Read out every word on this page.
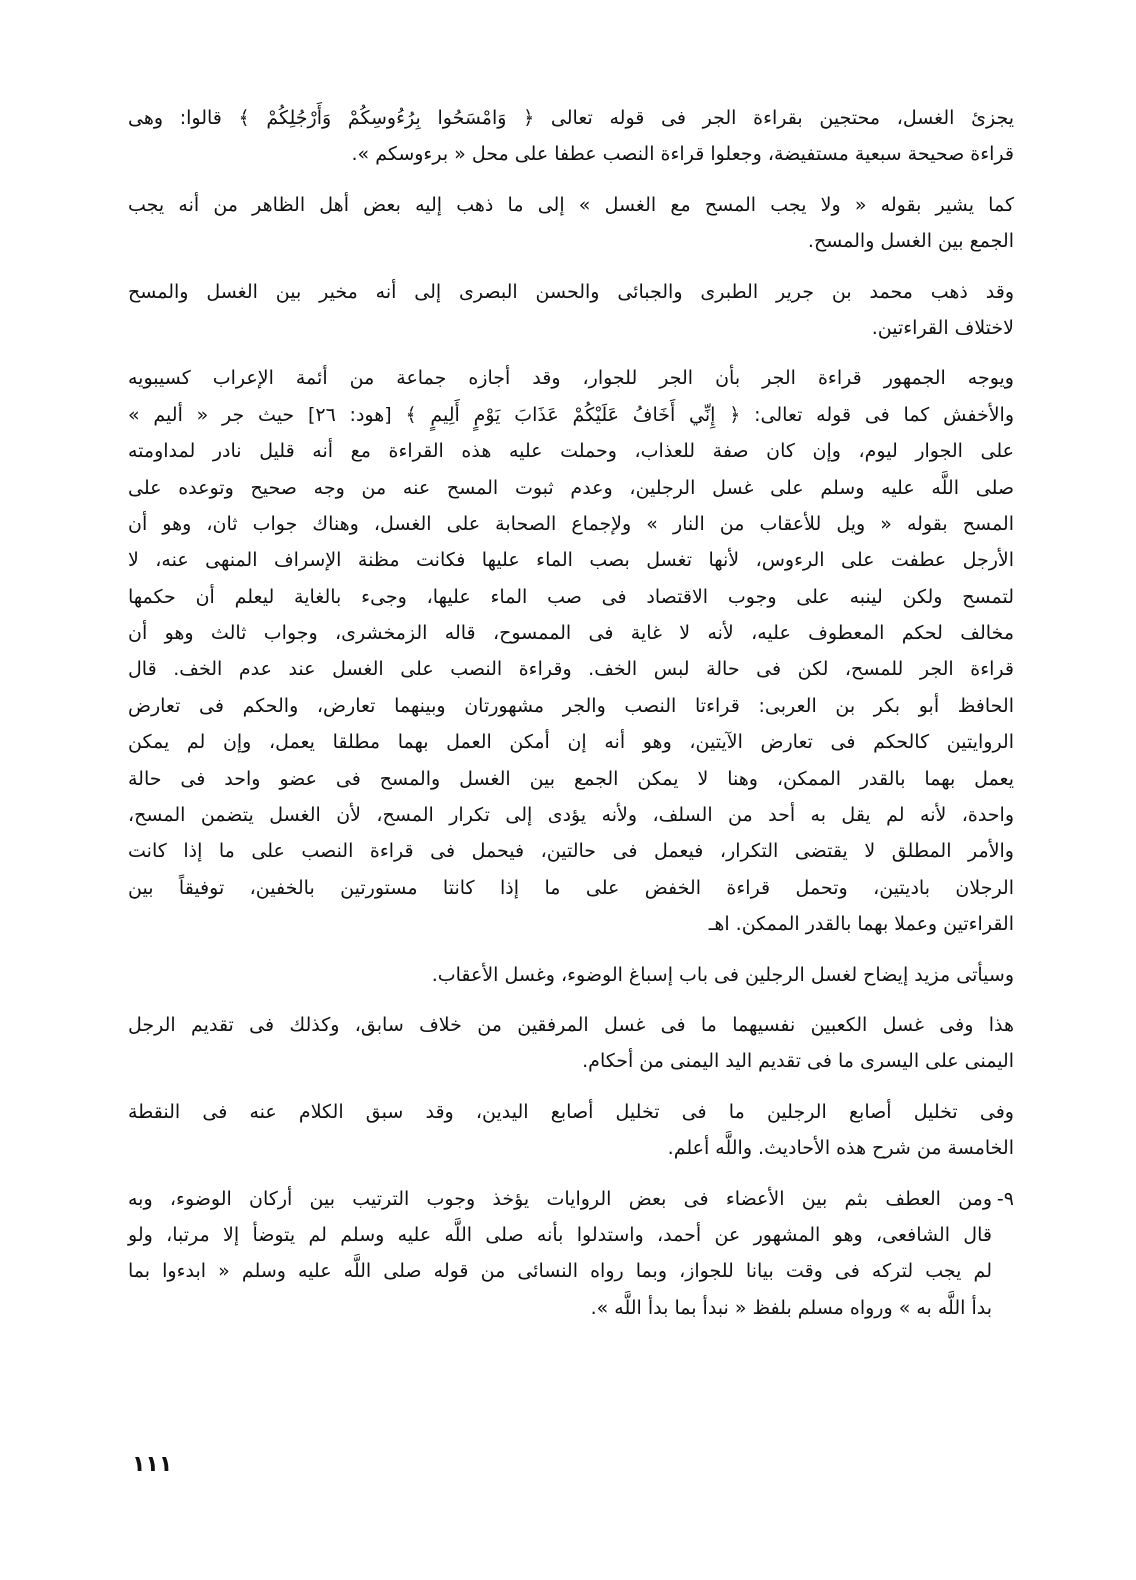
يجزئ الغسل، محتجين بقراءة الجر فى قوله تعالى ﴿ وَامْسَحُوا بِرُءُوسِكُمْ وَأَرْجُلِكُمْ ﴾ قالوا: وهى
قراءة صحيحة سبعية مستفيضة، وجعلوا قراءة النصب عطفا على محل « برءوسكم ».
كما يشير بقوله « ولا يجب المسح مع الغسل » إلى ما ذهب إليه بعض أهل الظاهر من أنه يجب
الجمع بين الغسل والمسح.
وقد ذهب محمد بن جرير الطبرى والجبائى والحسن البصرى إلى أنه مخير بين الغسل والمسح
لاختلاف القراءتين.
ويوجه الجمهور قراءة الجر بأن الجر للجوار، وقد أجازه جماعة من أئمة الإعراب كسيبويه
والأخفش كما فى قوله تعالى: ﴿ إِنِّي أَخَافُ عَلَيْكُمْ عَذَابَ يَوْمٍ أَلِيمٍ ﴾ [هود: ٢٦] حيث جر « أليم »
على الجوار ليوم، وإن كان صفة للعذاب، وحملت عليه هذه القراءة مع أنه قليل نادر لمداومته
صلى اللَّه عليه وسلم على غسل الرجلين، وعدم ثبوت المسح عنه من وجه صحيح وتوعده على
المسح بقوله « ويل للأعقاب من النار » ولإجماع الصحابة على الغسل، وهناك جواب ثان، وهو أن
الأرجل عطفت على الرءوس، لأنها تغسل بصب الماء عليها فكانت مظنة الإسراف المنهى عنه، لا
لتمسح ولكن لينبه على وجوب الاقتصاد فى صب الماء عليها، وجىء بالغاية ليعلم أن حكمها
مخالف لحكم المعطوف عليه، لأنه لا غاية فى الممسوح، قاله الزمخشرى، وجواب ثالث وهو أن
قراءة الجر للمسح، لكن فى حالة لبس الخف. وقراءة النصب على الغسل عند عدم الخف. قال
الحافظ أبو بكر بن العربى: قراءتا النصب والجر مشهورتان وبينهما تعارض، والحكم فى تعارض
الروايتين كالحكم فى تعارض الآيتين، وهو أنه إن أمكن العمل بهما مطلقا يعمل، وإن لم يمكن
يعمل بهما بالقدر الممكن، وهنا لا يمكن الجمع بين الغسل والمسح فى عضو واحد فى حالة
واحدة، لأنه لم يقل به أحد من السلف، ولأنه يؤدى إلى تكرار المسح، لأن الغسل يتضمن المسح،
والأمر المطلق لا يقتضى التكرار، فيعمل فى حالتين، فيحمل فى قراءة النصب على ما إذا كانت
الرجلان باديتين، وتحمل قراءة الخفض على ما إذا كانتا مستورتين بالخفين، توفيقاً بين
القراءتين وعملا بهما بالقدر الممكن. اهـ
وسيأتى مزيد إيضاح لغسل الرجلين فى باب إسباغ الوضوء، وغسل الأعقاب.
هذا وفى غسل الكعبين نفسيهما ما فى غسل المرفقين من خلاف سابق، وكذلك فى تقديم الرجل
اليمنى على اليسرى ما فى تقديم اليد اليمنى من أحكام.
وفى تخليل أصابع الرجلين ما فى تخليل أصابع اليدين، وقد سبق الكلام عنه فى النقطة
الخامسة من شرح هذه الأحاديث. واللَّه أعلم.
٩-
ومن العطف بثم بين الأعضاء فى بعض الروايات يؤخذ وجوب الترتيب بين أركان الوضوء، وبه
قال الشافعى، وهو المشهور عن أحمد، واستدلوا بأنه صلى اللَّه عليه وسلم لم يتوضأ إلا مرتبا، ولو
لم يجب لتركه فى وقت بيانا للجواز، وبما رواه النسائى من قوله صلى اللَّه عليه وسلم « ابدءوا بما
بدأ اللَّه به » ورواه مسلم بلفظ « نبدأ بما بدأ اللَّه ».
١١١
